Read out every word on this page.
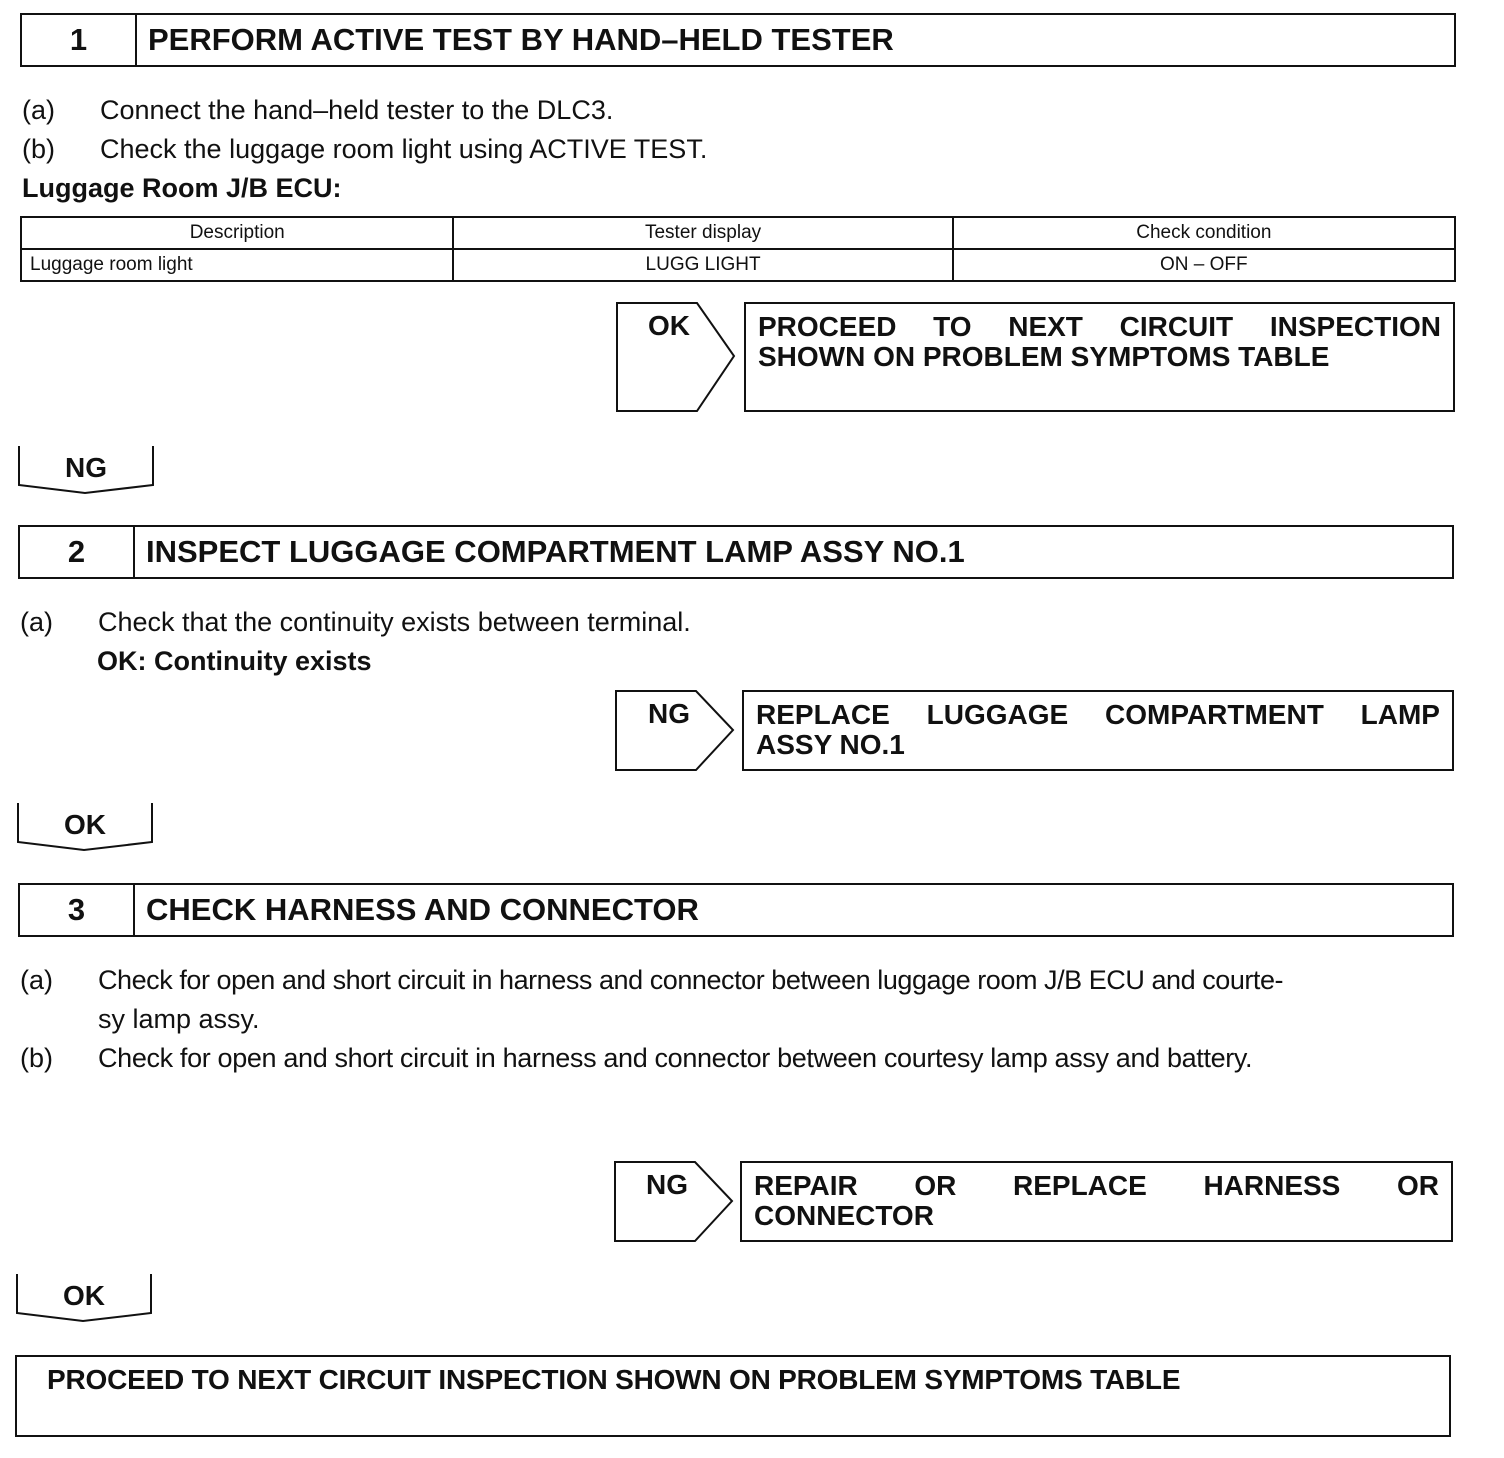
1	PERFORM ACTIVE TEST BY HAND–HELD TESTER
(a) Connect the hand–held tester to the DLC3.
(b) Check the luggage room light using ACTIVE TEST.
Luggage Room J/B ECU:
Description	Tester display	Check condition
Luggage room light	LUGG LIGHT	ON – OFF
OK PROCEED TO NEXT CIRCUIT INSPECTION
SHOWN ON PROBLEM SYMPTOMS TABLE
NG
2	INSPECT LUGGAGE COMPARTMENT LAMP ASSY NO.1
(a) Check that the continuity exists between terminal.
OK: Continuity exists
NG REPLACE LUGGAGE COMPARTMENT LAMP
ASSY NO.1
OK
3	CHECK HARNESS AND CONNECTOR
(a) Check for open and short circuit in harness and connector between luggage room J/B ECU and courte-
sy lamp assy.
(b) Check for open and short circuit in harness and connector between courtesy lamp assy and battery.
NG REPAIR OR REPLACE HARNESS OR
CONNECTOR
OK
PROCEED TO NEXT CIRCUIT INSPECTION SHOWN ON PROBLEM SYMPTOMS TABLE
